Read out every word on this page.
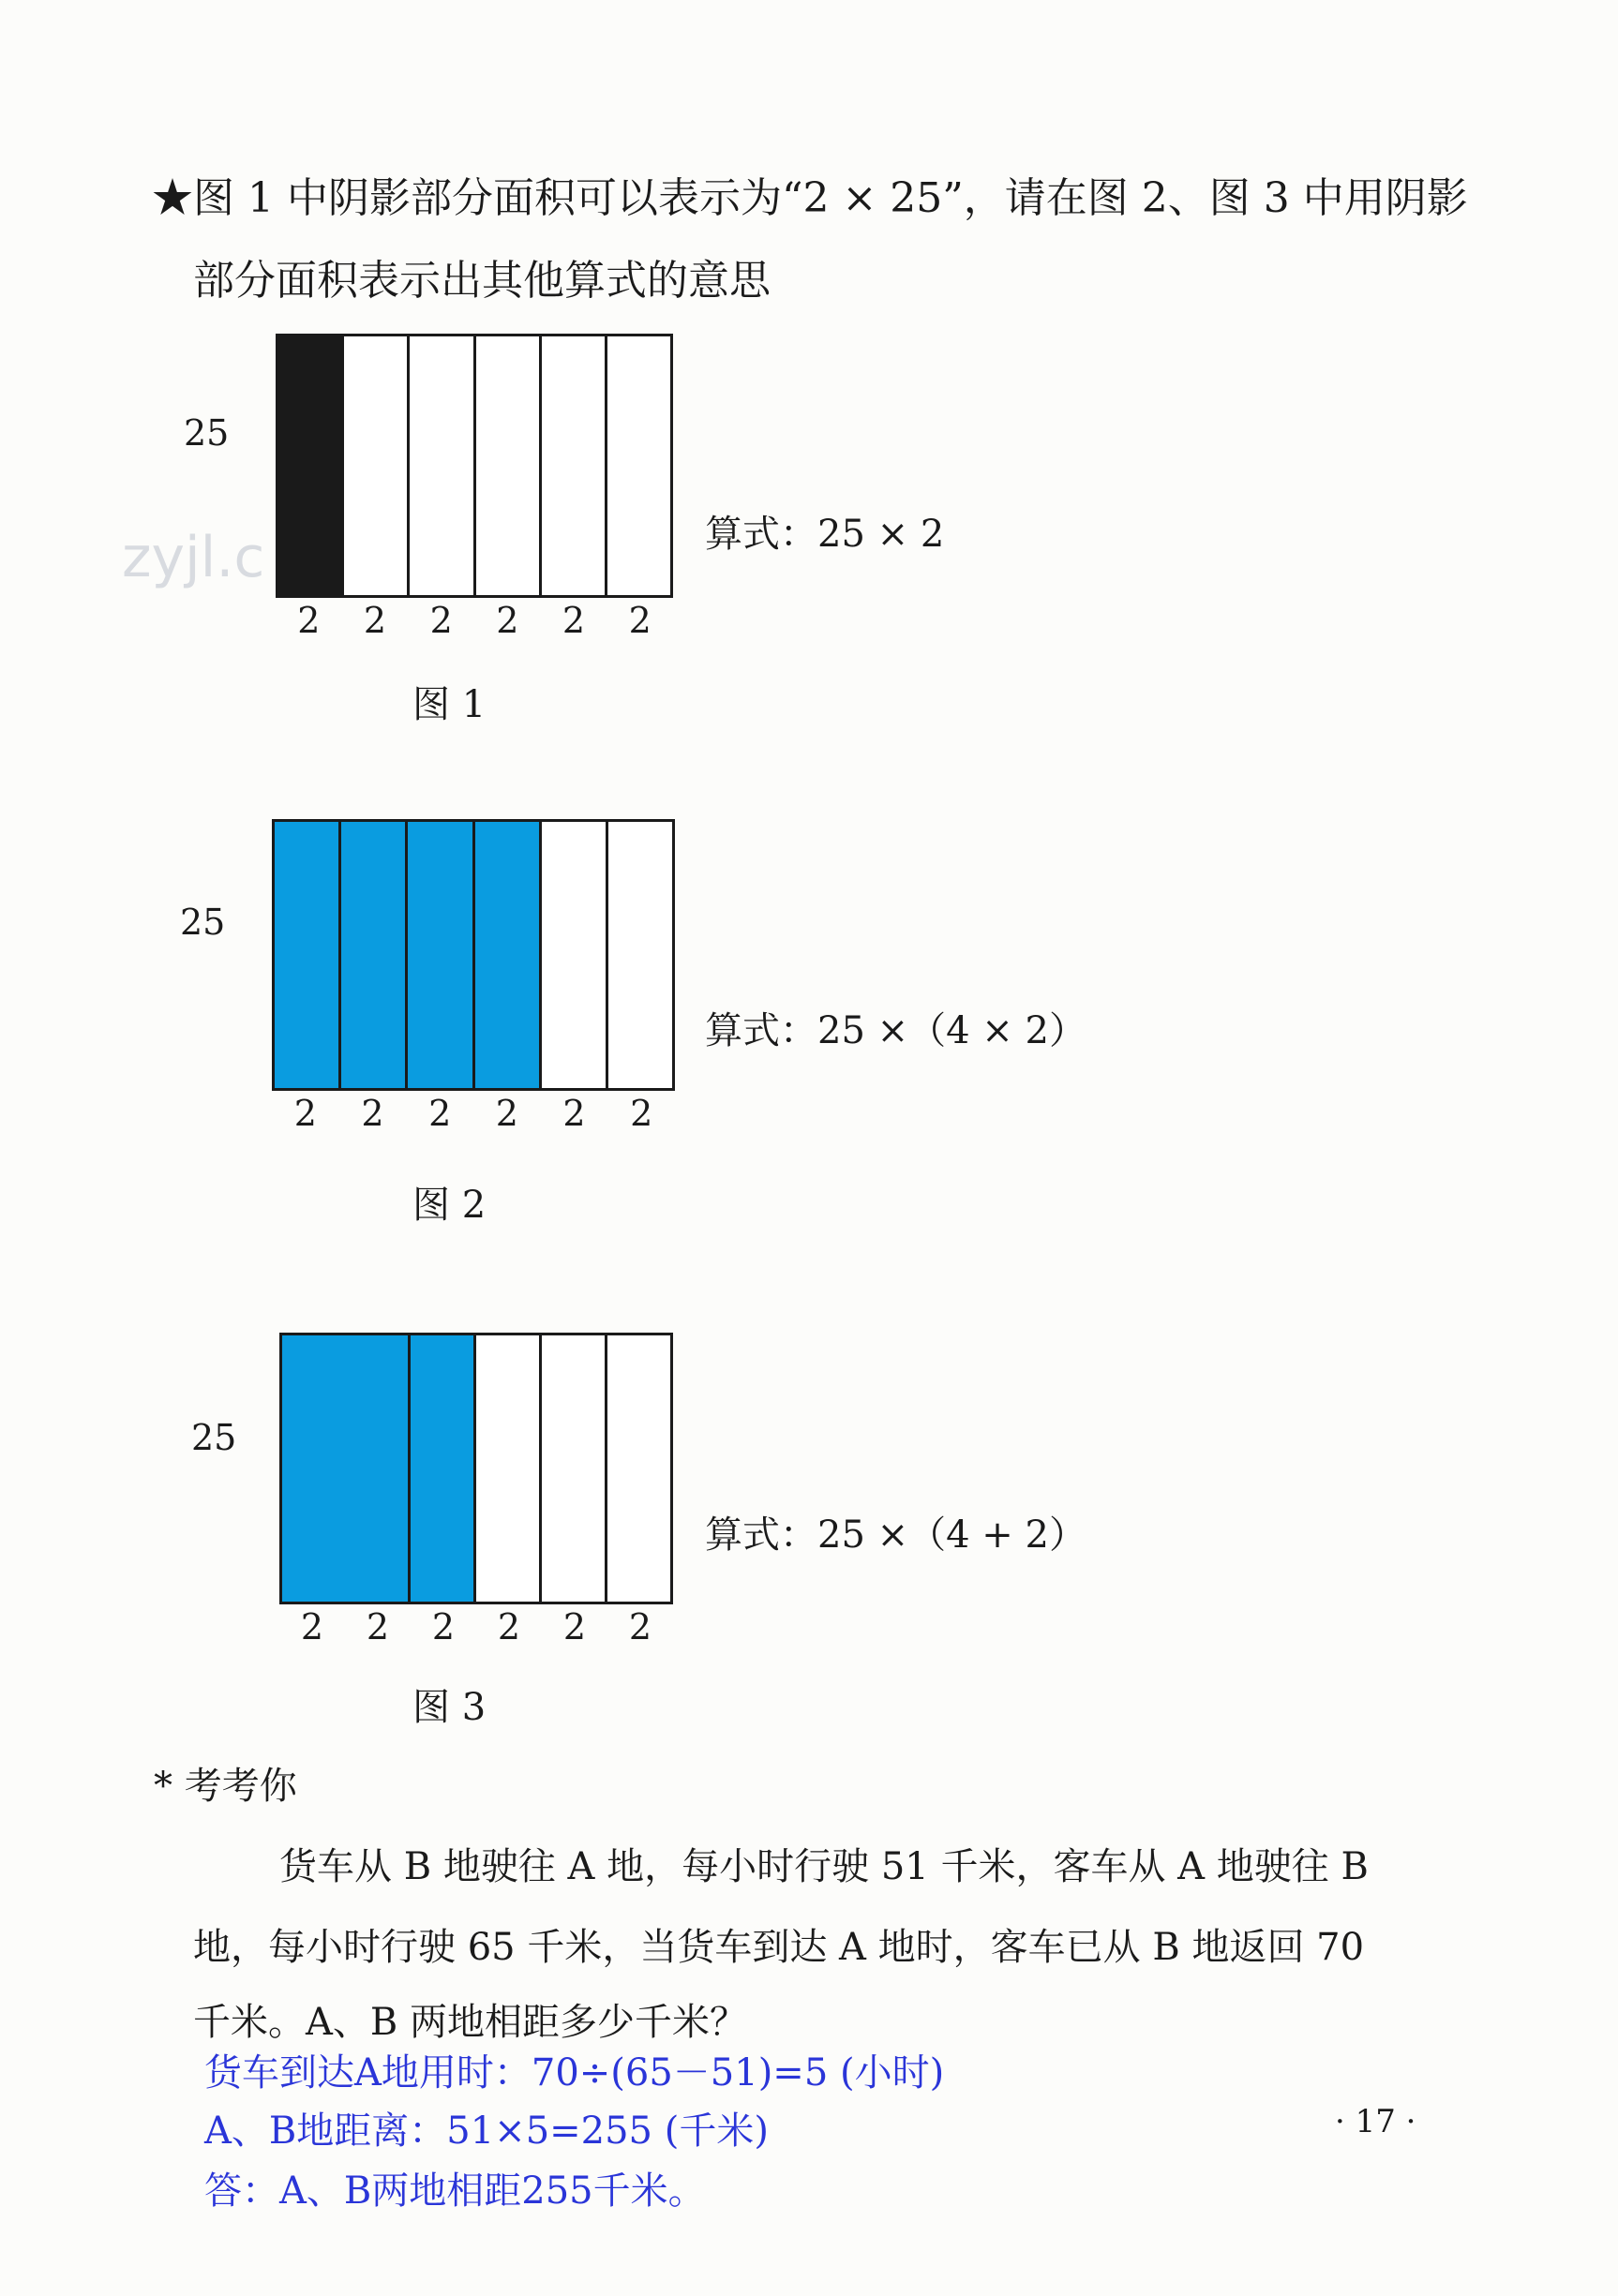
★图 1 中阴影部分面积可以表示为“2 × 25”，请在图 2、图 3 中用阴影
部分面积表示出其他算式的意思
zyjl.c
25
2	2	2	2	2	2
算式：25 × 2
图 1
25
2	2	2	2	2	2
算式：25 ×（4 × 2）
图 2
25
2	2	2	2	2	2
算式：25 ×（4 + 2）
图 3
* 考考你
货车从 B 地驶往 A 地，每小时行驶 51 千米，客车从 A 地驶往 B
地，每小时行驶 65 千米，当货车到达 A 地时，客车已从 B 地返回 70
千米。A、B 两地相距多少千米？
货车到达A地用时：70÷(65－51)=5 (小时)
A、B地距离：51×5=255 (千米)
答：A、B两地相距255千米。
· 17 ·
